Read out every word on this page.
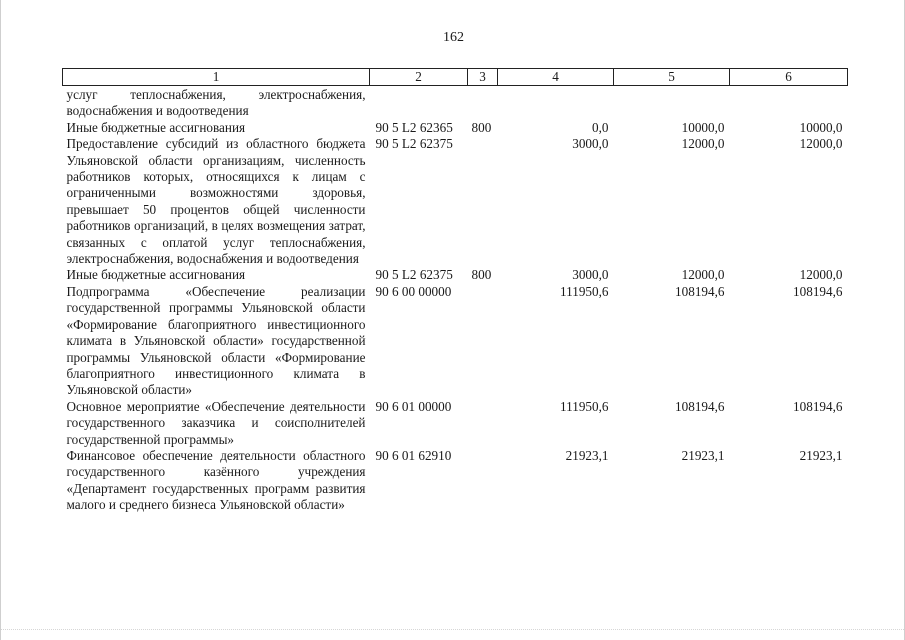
162
1	2	3	4	5	6
услуг теплоснабжения, электроснабжения, водоснабжения и водоотведения					
Иные бюджетные ассигнования	90 5 L2 62365	800	0,0	10000,0	10000,0
Предоставление субсидий из областного бюджета Ульяновской области организациям, численность работников которых, относящихся к лицам с ограниченными возможностями здоровья, превышает 50 процентов общей численности работников организаций, в целях возмещения затрат, связанных с оплатой услуг теплоснабжения, электроснабжения, водоснабжения и водоотведения	90 5 L2 62375		3000,0	12000,0	12000,0
Иные бюджетные ассигнования	90 5 L2 62375	800	3000,0	12000,0	12000,0
Подпрограмма «Обеспечение реализации государственной программы Ульяновской области «Формирование благоприятного инвестиционного климата в Ульяновской области» государственной программы Ульяновской области «Формирование благоприятного инвестиционного климата в Ульяновской области»	90 6 00 00000		111950,6	108194,6	108194,6
Основное мероприятие «Обеспечение деятельности государственного заказчика и соисполнителей государственной программы»	90 6 01 00000		111950,6	108194,6	108194,6
Финансовое обеспечение деятельности областного государственного казённого учреждения «Департамент государственных программ развития малого и среднего бизнеса Ульяновской области»	90 6 01 62910		21923,1	21923,1	21923,1
